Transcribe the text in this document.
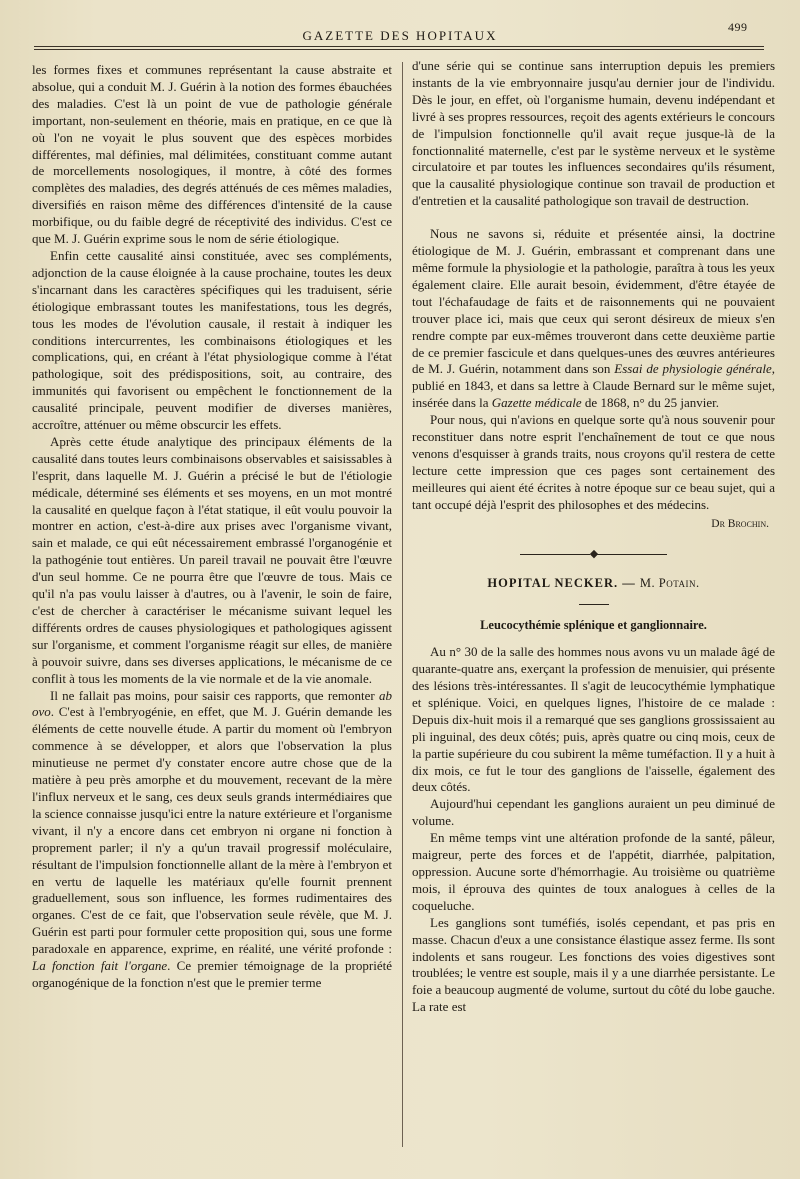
499
GAZETTE DES HOPITAUX

les formes fixes et communes représentant la cause abstraite et absolue, qui a conduit M. J. Guérin à la notion des formes ébauchées des maladies. C'est là un point de vue de pathologie générale important, non-seulement en théorie, mais en pratique, en ce que là où l'on ne voyait le plus souvent que des espèces morbides différentes, mal définies, mal délimitées, constituant comme autant de morcellements nosologiques, il montre, à côté des formes complètes des maladies, des degrés atténués de ces mêmes maladies, diversifiés en raison même des différences d'intensité de la cause morbifique, ou du faible degré de réceptivité des individus. C'est ce que M. J. Guérin exprime sous le nom de série étiologique.

Enfin cette causalité ainsi constituée, avec ses compléments, adjonction de la cause éloignée à la cause prochaine, toutes les deux s'incarnant dans les caractères spécifiques qui les traduisent, série étiologique embrassant toutes les manifestations, tous les degrés, tous les modes de l'évolution causale, il restait à indiquer les conditions intercurrentes, les combinaisons étiologiques et les complications, qui, en créant à l'état physiologique comme à l'état pathologique, soit des prédispositions, soit, au contraire, des immunités qui favorisent ou empêchent le fonctionnement de la causalité principale, peuvent modifier de diverses manières, accroître, atténuer ou même obscurcir les effets.

Après cette étude analytique des principaux éléments de la causalité dans toutes leurs combinaisons observables et saisissables à l'esprit, dans laquelle M. J. Guérin a précisé le but de l'étiologie médicale, déterminé ses éléments et ses moyens, en un mot montré la causalité en quelque façon à l'état statique, il eût voulu pouvoir la montrer en action, c'est-à-dire aux prises avec l'organisme vivant, sain et malade, ce qui eût nécessairement embrassé l'organogénie et la pathogénie tout entières. Un pareil travail ne pouvait être l'œuvre d'un seul homme. Ce ne pourra être que l'œuvre de tous. Mais ce qu'il n'a pas voulu laisser à d'autres, ou à l'avenir, le soin de faire, c'est de chercher à caractériser le mécanisme suivant lequel les différents ordres de causes physiologiques et pathologiques agissent sur l'organisme, et comment l'organisme réagit sur elles, de manière à pouvoir suivre, dans ses diverses applications, le mécanisme de ce conflit à tous les moments de la vie normale et de la vie anomale.

Il ne fallait pas moins, pour saisir ces rapports, que remonter ab ovo. C'est à l'embryogénie, en effet, que M. J. Guérin demande les éléments de cette nouvelle étude. A partir du moment où l'embryon commence à se développer, et alors que l'observation la plus minutieuse ne permet d'y constater encore autre chose que de la matière à peu près amorphe et du mouvement, recevant de la mère l'influx nerveux et le sang, ces deux seuls grands intermédiaires que la science connaisse jusqu'ici entre la nature extérieure et l'organisme vivant, il n'y a encore dans cet embryon ni organe ni fonction à proprement parler; il n'y a qu'un travail progressif moléculaire, résultant de l'impulsion fonctionnelle allant de la mère à l'embryon et en vertu de laquelle les matériaux qu'elle fournit prennent graduellement, sous son influence, les formes rudimentaires des organes. C'est de ce fait, que l'observation seule révèle, que M. J. Guérin est parti pour formuler cette proposition qui, sous une forme paradoxale en apparence, exprime, en réalité, une vérité profonde : La fonction fait l'organe. Ce premier témoignage de la propriété organogénique de la fonction n'est que le premier terme

d'une série qui se continue sans interruption depuis les premiers instants de la vie embryonnaire jusqu'au dernier jour de l'individu. Dès le jour, en effet, où l'organisme humain, devenu indépendant et livré à ses propres ressources, reçoit des agents extérieurs le concours de l'impulsion fonctionnelle qu'il avait reçue jusque-là de la fonctionnalité maternelle, c'est par le système nerveux et le système circulatoire et par toutes les influences secondaires qu'ils résument, que la causalité physiologique continue son travail de production et d'entretien et la causalité pathologique son travail de destruction.

Nous ne savons si, réduite et présentée ainsi, la doctrine étiologique de M. J. Guérin, embrassant et comprenant dans une même formule la physiologie et la pathologie, paraîtra à tous les yeux également claire. Elle aurait besoin, évidemment, d'être étayée de tout l'échafaudage de faits et de raisonnements qui ne pouvaient trouver place ici, mais que ceux qui seront désireux de mieux s'en rendre compte par eux-mêmes trouveront dans cette deuxième partie de ce premier fascicule et dans quelques-unes des œuvres antérieures de M. J. Guérin, notamment dans son Essai de physiologie générale, publié en 1843, et dans sa lettre à Claude Bernard sur le même sujet, insérée dans la Gazette médicale de 1868, n° du 25 janvier.

Pour nous, qui n'avions en quelque sorte qu'à nous souvenir pour reconstituer dans notre esprit l'enchaînement de tout ce que nous venons d'esquisser à grands traits, nous croyons qu'il restera de cette lecture cette impression que ces pages sont certainement des meilleures qui aient été écrites à notre époque sur ce beau sujet, qui a tant occupé déjà l'esprit des philosophes et des médecins.

Dr Brochin.
◆
HOPITAL NECKER. — M. Potain.
Leucocythémie splénique et ganglionnaire.

Au n° 30 de la salle des hommes nous avons vu un malade âgé de quarante-quatre ans, exerçant la profession de menuisier, qui présente des lésions très-intéressantes. Il s'agit de leucocythémie lymphatique et splénique. Voici, en quelques lignes, l'histoire de ce malade : Depuis dix-huit mois il a remarqué que ses ganglions grossissaient au pli inguinal, des deux côtés; puis, après quatre ou cinq mois, ceux de la partie supérieure du cou subirent la même tuméfaction. Il y a huit à dix mois, ce fut le tour des ganglions de l'aisselle, également des deux côtés.

Aujourd'hui cependant les ganglions auraient un peu diminué de volume.

En même temps vint une altération profonde de la santé, pâleur, maigreur, perte des forces et de l'appétit, diarrhée, palpitation, oppression. Aucune sorte d'hémorrhagie. Au troisième ou quatrième mois, il éprouva des quintes de toux analogues à celles de la coqueluche.

Les ganglions sont tuméfiés, isolés cependant, et pas pris en masse. Chacun d'eux a une consistance élastique assez ferme. Ils sont indolents et sans rougeur. Les fonctions des voies digestives sont troublées; le ventre est souple, mais il y a une diarrhée persistante. Le foie a beaucoup augmenté de volume, surtout du côté du lobe gauche. La rate est
